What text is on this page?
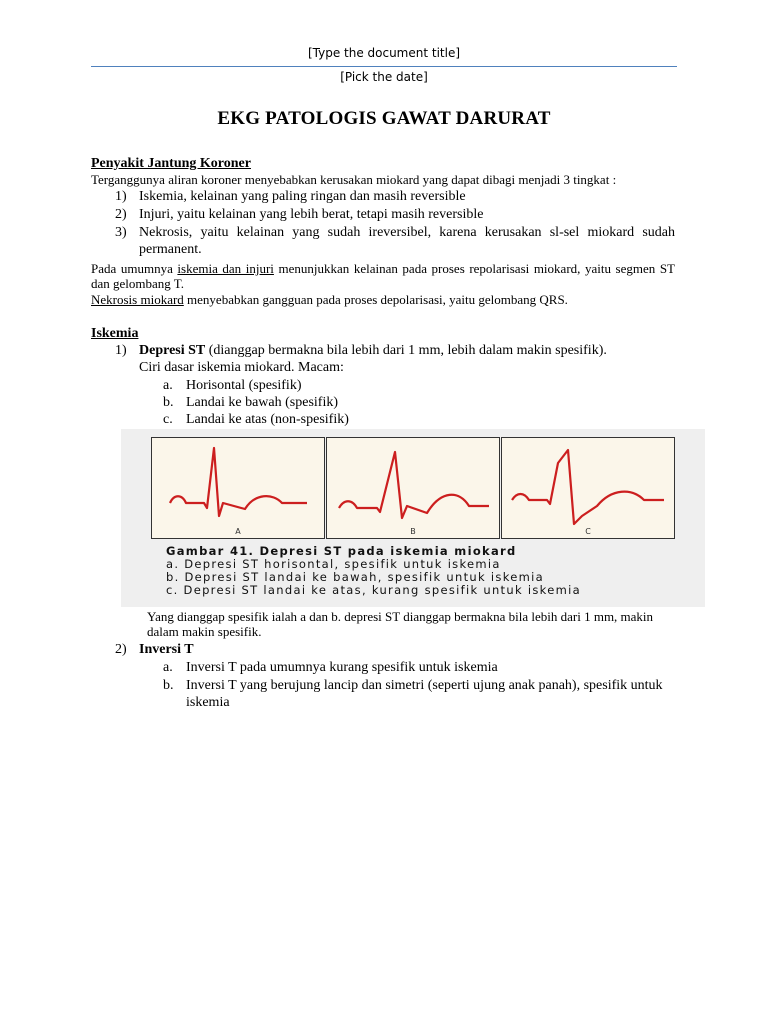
[Type the document title]
[Pick the date]
EKG PATOLOGIS GAWAT DARURAT
Penyakit Jantung Koroner
Terganggunya aliran koroner menyebabkan kerusakan miokard yang dapat dibagi menjadi 3 tingkat :
1) Iskemia, kelainan yang paling ringan dan masih reversible
2) Injuri, yaitu kelainan yang lebih berat, tetapi masih reversible
3) Nekrosis, yaitu kelainan yang sudah ireversibel, karena kerusakan sl-sel miokard sudah permanent.
Pada umumnya iskemia dan injuri menunjukkan kelainan pada proses repolarisasi miokard, yaitu segmen ST dan gelombang T.
Nekrosis miokard menyebabkan gangguan pada proses depolarisasi, yaitu gelombang QRS.
Iskemia
1) Depresi ST (dianggap bermakna bila lebih dari 1 mm, lebih dalam makin spesifik).
Ciri dasar iskemia miokard. Macam:
a. Horisontal (spesifik)
b. Landai ke bawah (spesifik)
c. Landai ke atas (non-spesifik)
A	B	C
Gambar 41. Depresi ST pada iskemia miokard
a. Depresi ST horisontal, spesifik untuk iskemia
b. Depresi ST landai ke bawah, spesifik untuk iskemia
c. Depresi ST landai ke atas, kurang spesifik untuk iskemia
Yang dianggap spesifik ialah a dan b. depresi ST dianggap bermakna bila lebih dari 1 mm, makin dalam makin spesifik.
2) Inversi T
a. Inversi T pada umumnya kurang spesifik untuk iskemia
b. Inversi T yang berujung lancip dan simetri (seperti ujung anak panah), spesifik untuk iskemia
